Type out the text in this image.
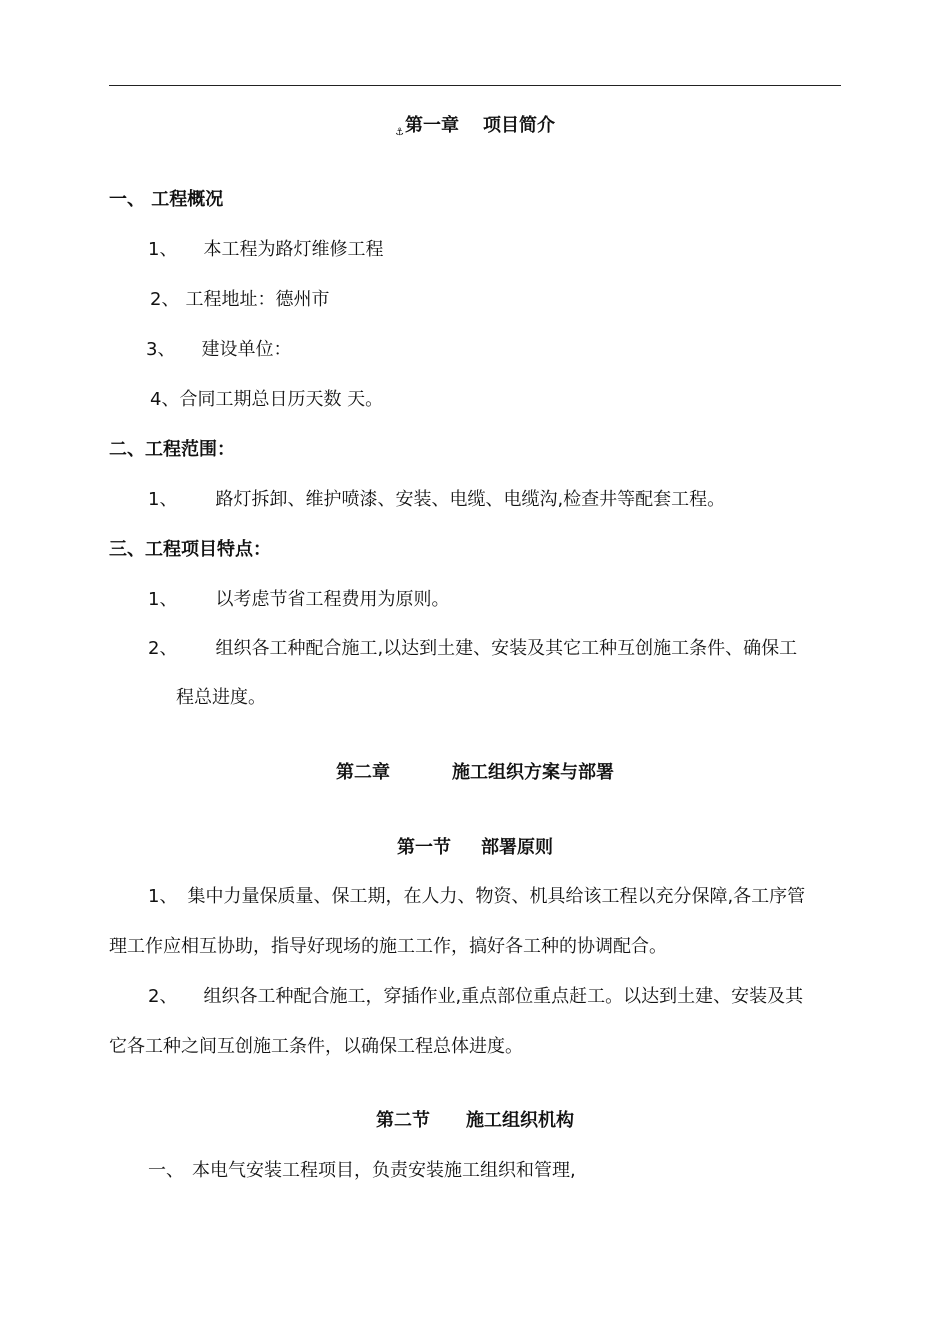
⚓第一章 项目简介
一、 工程概况
1、 本工程为路灯维修工程
2、 工程地址：德州市
3、 建设单位：
4、合同工期总日历天数 天。
二、工程范围：
1、 路灯拆卸、维护喷漆、安装、电缆、电缆沟,检查井等配套工程。
三、工程项目特点：
1、 以考虑节省工程费用为原则。
2、 组织各工种配合施工,以达到土建、安装及其它工种互创施工条件、确保工
程总进度。
第二章	施工组织方案与部署
第一节 部署原则
1、 集中力量保质量、保工期，在人力、物资、机具给该工程以充分保障,各工序管
理工作应相互协助，指导好现场的施工工作，搞好各工种的协调配合。
2、 组织各工种配合施工，穿插作业,重点部位重点赶工。以达到土建、安装及其
它各工种之间互创施工条件，以确保工程总体进度。
第二节 施工组织机构
一、 本电气安装工程项目，负责安装施工组织和管理,
